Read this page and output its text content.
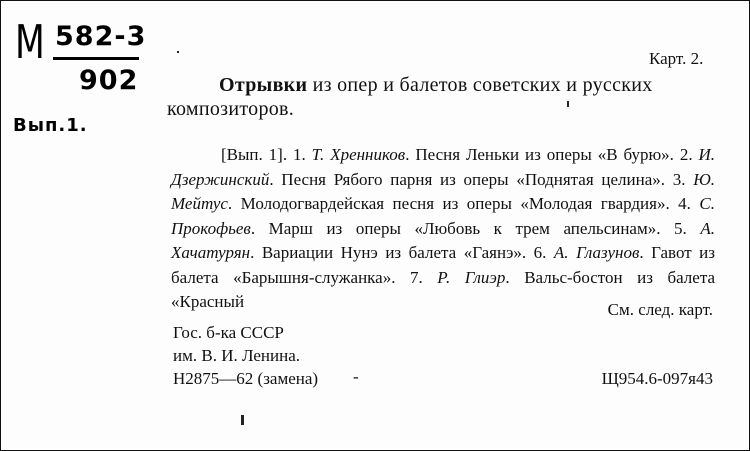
М 582-3
902
Вып.1.
Карт. 2.
Отрывки из опер и балетов советских и русских
композиторов.

[Вып. 1]. 1. Т. Хренников. Песня Леньки из оперы «В бурю». 2. И. Дзержинский. Песня Рябого парня из оперы «Поднятая целина». 3. Ю. Мейтус. Молодогвардейская песня из оперы «Молодая гвардия». 4. С. Прокофьев. Марш из оперы «Любовь к трем апельсинам». 5. А. Хачатурян. Вариации Нунэ из балета «Гаянэ». 6. А. Глазунов. Гавот из балета «Барышня-служанка». 7. Р. Глиэр. Вальс-бостон из балета «Красный	См. след. карт.
Гос. б-ка СССР
им. В. И. Ленина.
Н2875—62 (замена) -	Щ954.6-097я43
